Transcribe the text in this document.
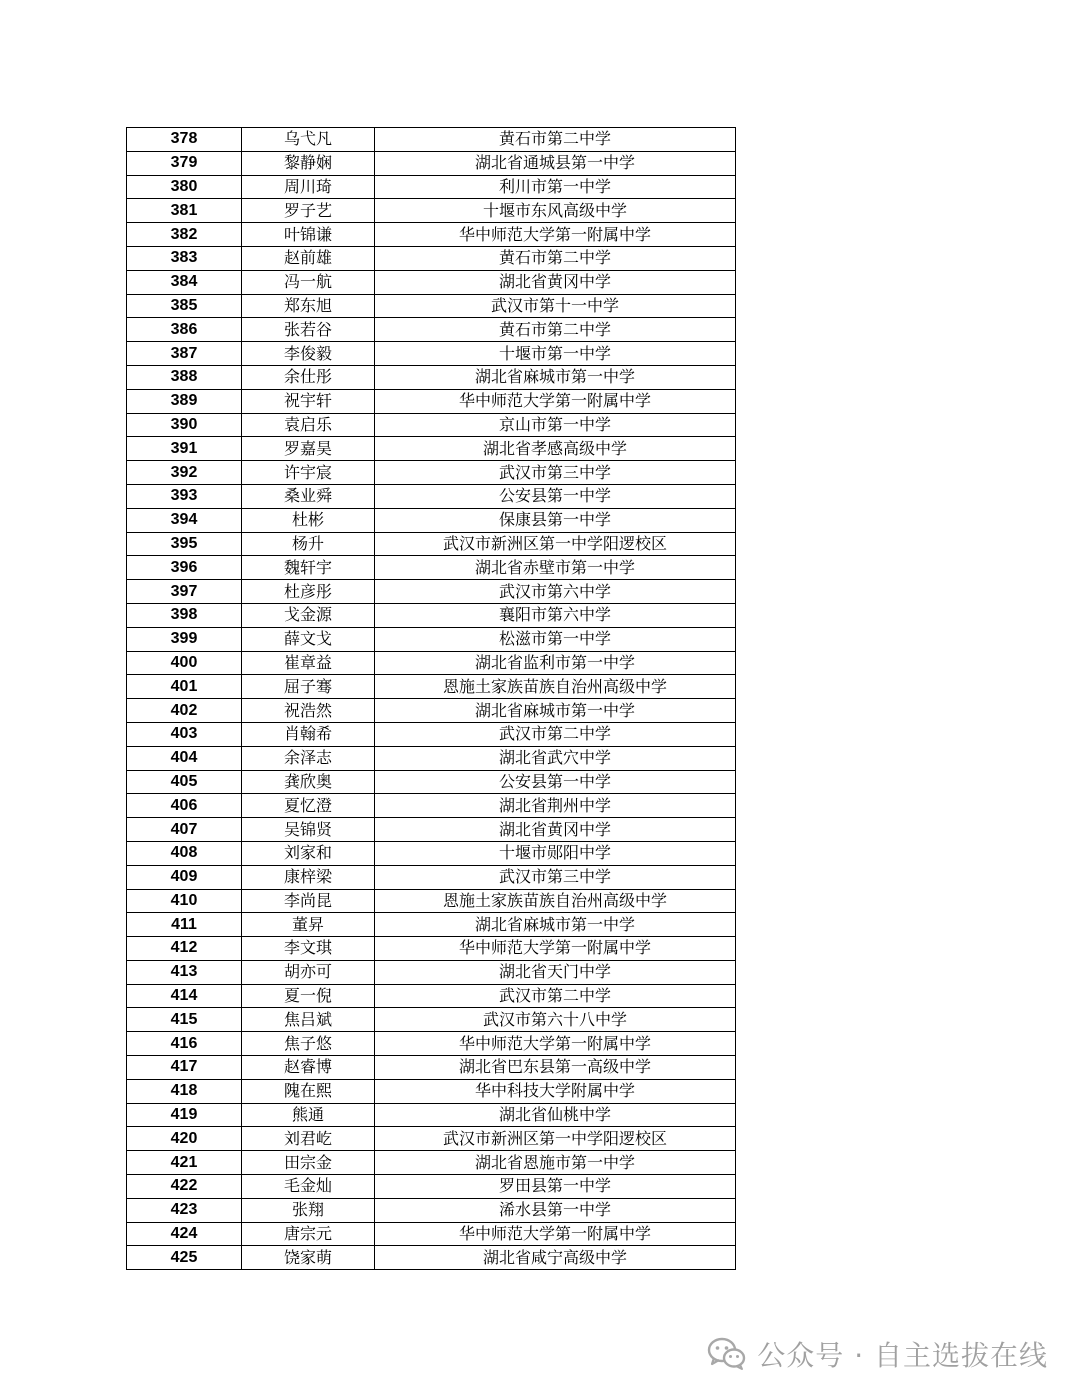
378	乌弋凡	黄石市第二中学
379	黎静娴	湖北省通城县第一中学
380	周川琦	利川市第一中学
381	罗子艺	十堰市东风高级中学
382	叶锦谦	华中师范大学第一附属中学
383	赵前雄	黄石市第二中学
384	冯一航	湖北省黄冈中学
385	郑东旭	武汉市第十一中学
386	张若谷	黄石市第二中学
387	李俊毅	十堰市第一中学
388	余仕彤	湖北省麻城市第一中学
389	祝宇轩	华中师范大学第一附属中学
390	袁启乐	京山市第一中学
391	罗嘉昊	湖北省孝感高级中学
392	许宇宸	武汉市第三中学
393	桑业舜	公安县第一中学
394	杜彬	保康县第一中学
395	杨升	武汉市新洲区第一中学阳逻校区
396	魏轩宇	湖北省赤壁市第一中学
397	杜彦彤	武汉市第六中学
398	戈金源	襄阳市第六中学
399	薛文戈	松滋市第一中学
400	崔章益	湖北省监利市第一中学
401	屈子骞	恩施土家族苗族自治州高级中学
402	祝浩然	湖北省麻城市第一中学
403	肖翰希	武汉市第二中学
404	余泽志	湖北省武穴中学
405	龚欣奥	公安县第一中学
406	夏忆澄	湖北省荆州中学
407	吴锦贤	湖北省黄冈中学
408	刘家和	十堰市郧阳中学
409	康梓梁	武汉市第三中学
410	李尚昆	恩施土家族苗族自治州高级中学
411	董昇	湖北省麻城市第一中学
412	李文琪	华中师范大学第一附属中学
413	胡亦可	湖北省天门中学
414	夏一倪	武汉市第二中学
415	焦吕斌	武汉市第六十八中学
416	焦子悠	华中师范大学第一附属中学
417	赵睿博	湖北省巴东县第一高级中学
418	隗在熙	华中科技大学附属中学
419	熊通	湖北省仙桃中学
420	刘君屹	武汉市新洲区第一中学阳逻校区
421	田宗金	湖北省恩施市第一中学
422	毛金灿	罗田县第一中学
423	张翔	浠水县第一中学
424	唐宗元	华中师范大学第一附属中学
425	饶家萌	湖北省咸宁高级中学
公众号 · 自主选拔在线
